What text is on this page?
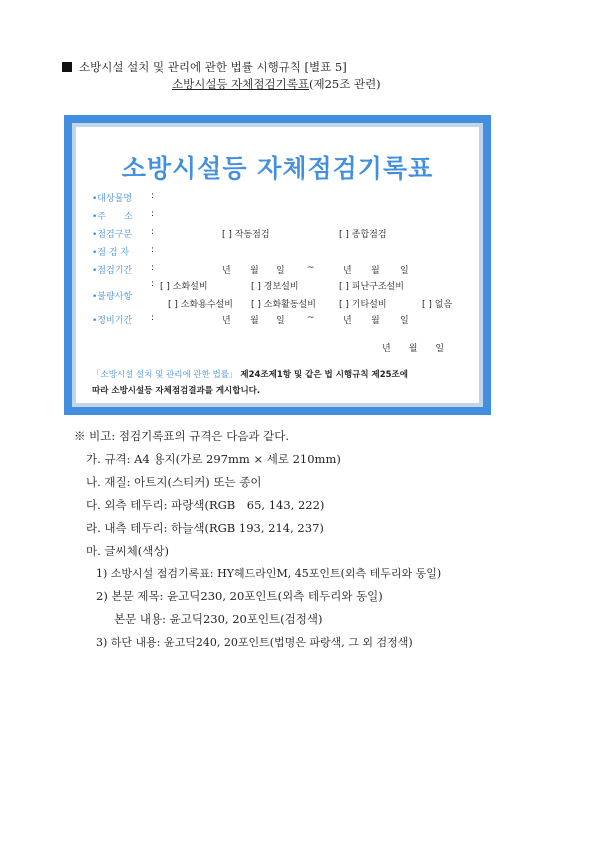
소방시설 설치 및 관리에 관한 법률 시행규칙 [별표 5]
소방시설등 자체점검기록표(제25조 관련)
소방시설등 자체점검기록표
•대상물명 :
•주　　소 :
•점검구분 :	[ ] 작동점검	[ ] 종합점검
•점 검 자 :
•점검기간 :	년 월 일 ~	년 월 일
•불량사항
: [ ] 소화설비	[ ] 경보설비	[ ] 피난구조설비
[ ] 소화용수설비 [ ] 소화활동설비	[ ] 기타설비	[ ] 없음
•정비기간 :	년 월 일 ~	년 월 일
년　　월　　일
「소방시설 설치 및 관리에 관한 법률」 제24조제1항 및 같은 법 시행규칙 제25조에
따라 소방시설등 자체점검결과를 게시합니다.
※ 비고: 점검기록표의 규격은 다음과 같다.
가. 규격: A4 용지(가로 297mm × 세로 210mm)
나. 재질: 아트지(스티커) 또는 종이
다. 외측 테두리: 파랑색(RGB　65, 143, 222)
라. 내측 테두리: 하늘색(RGB 193, 214, 237)
마. 글씨체(색상)
1) 소방시설 점검기록표: HY헤드라인M, 45포인트(외측 테두리와 동일)
2) 본문 제목: 윤고딕230, 20포인트(외측 테두리와 동일)
본문 내용: 윤고딕230, 20포인트(검정색)
3) 하단 내용: 윤고딕240, 20포인트(법명은 파랑색, 그 외 검정색)
